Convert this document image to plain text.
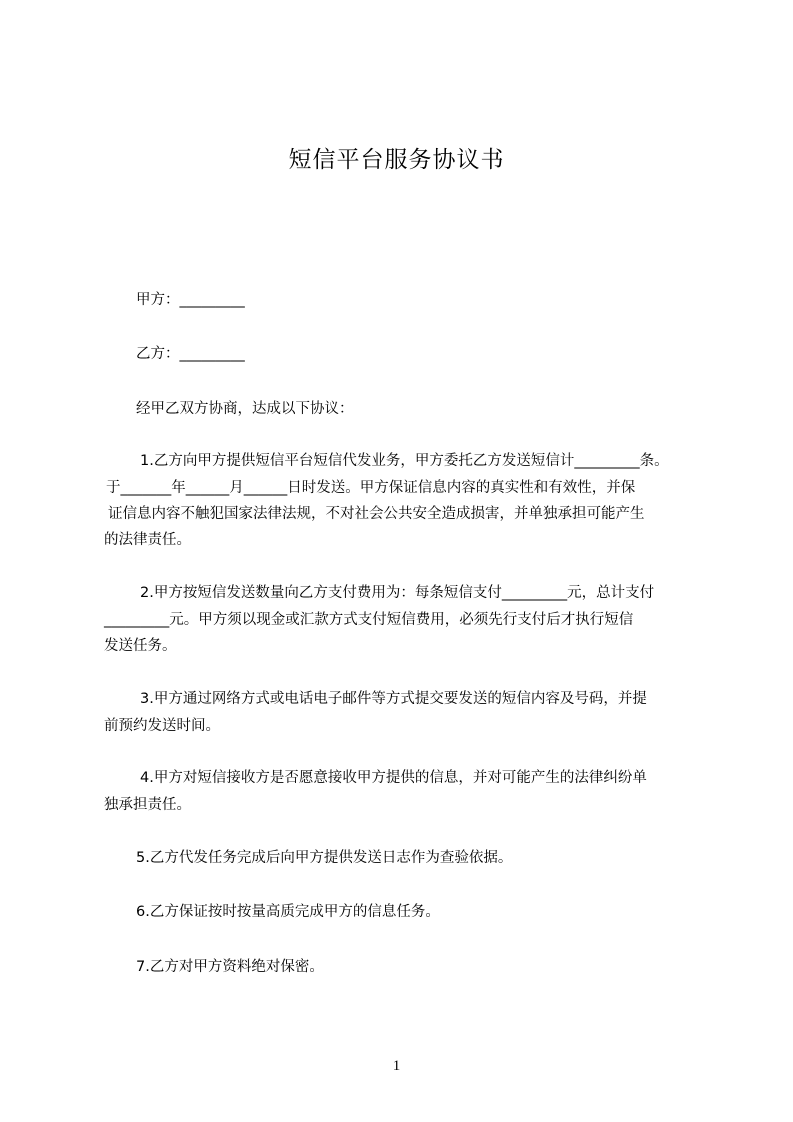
短信平台服务协议书

甲方：_________

乙方：_________

经甲乙双方协商，达成以下协议：

1.乙方向甲方提供短信平台短信代发业务，甲方委托乙方发送短信计_________条。

于_______年______月______日时发送。甲方保证信息内容的真实性和有效性，并保

证信息内容不触犯国家法律法规，不对社会公共安全造成损害，并单独承担可能产生

的法律责任。

2.甲方按短信发送数量向乙方支付费用为：每条短信支付_________元，总计支付

_________元。甲方须以现金或汇款方式支付短信费用，必须先行支付后才执行短信

发送任务。

3.甲方通过网络方式或电话电子邮件等方式提交要发送的短信内容及号码，并提

前预约发送时间。

4.甲方对短信接收方是否愿意接收甲方提供的信息，并对可能产生的法律纠纷单

独承担责任。

5.乙方代发任务完成后向甲方提供发送日志作为查验依据。

6.乙方保证按时按量高质完成甲方的信息任务。

7.乙方对甲方资料绝对保密。

1
